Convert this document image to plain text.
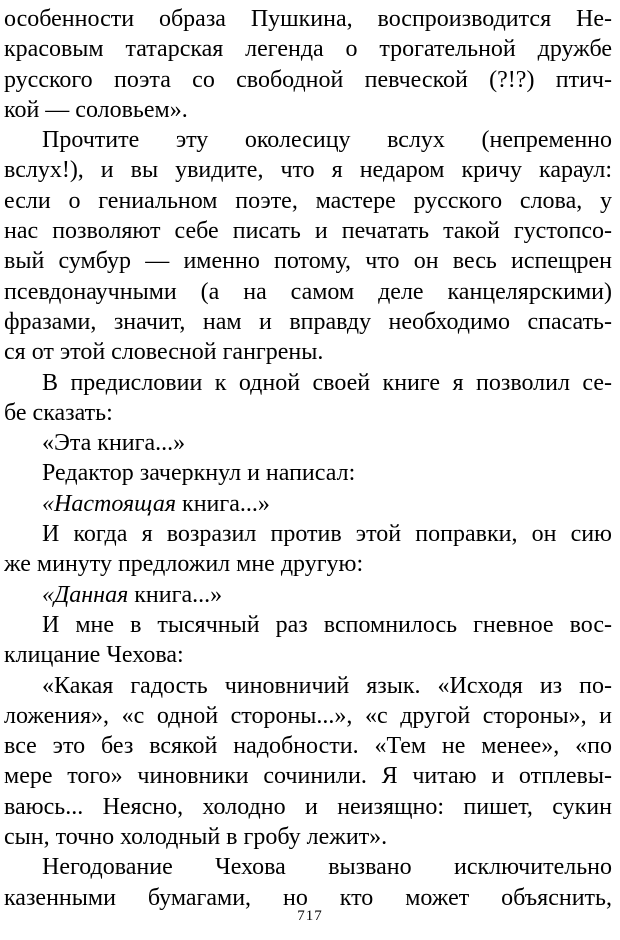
особенности образа Пушкина, воспроизводится Не-
красовым татарская легенда о трогательной дружбе
русского поэта со свободной певческой (?!?) птич-
кой — соловьем».
Прочтите эту околесицу вслух (непременно
вслух!), и вы увидите, что я недаром кричу караул:
если о гениальном поэте, мастере русского слова, у
нас позволяют себе писать и печатать такой густопсо-
вый сумбур — именно потому, что он весь испещрен
псевдонаучными (а на самом деле канцелярскими)
фразами, значит, нам и вправду необходимо спасать-
ся от этой словесной гангрены.
В предисловии к одной своей книге я позволил се-
бе сказать:
«Эта книга...»
Редактор зачеркнул и написал:
«Настоящая книга...»
И когда я возразил против этой поправки, он сию
же минуту предложил мне другую:
«Данная книга...»
И мне в тысячный раз вспомнилось гневное вос-
клицание Чехова:
«Какая гадость чиновничий язык. «Исходя из по-
ложения», «с одной стороны...», «с другой стороны», и
все это без всякой надобности. «Тем не менее», «по
мере того» чиновники сочинили. Я читаю и отплевы-
ваюсь... Неясно, холодно и неизящно: пишет, сукин
сын, точно холодный в гробу лежит».
Негодование Чехова вызвано исключительно
казенными бумагами, но кто может объяснить,
717
